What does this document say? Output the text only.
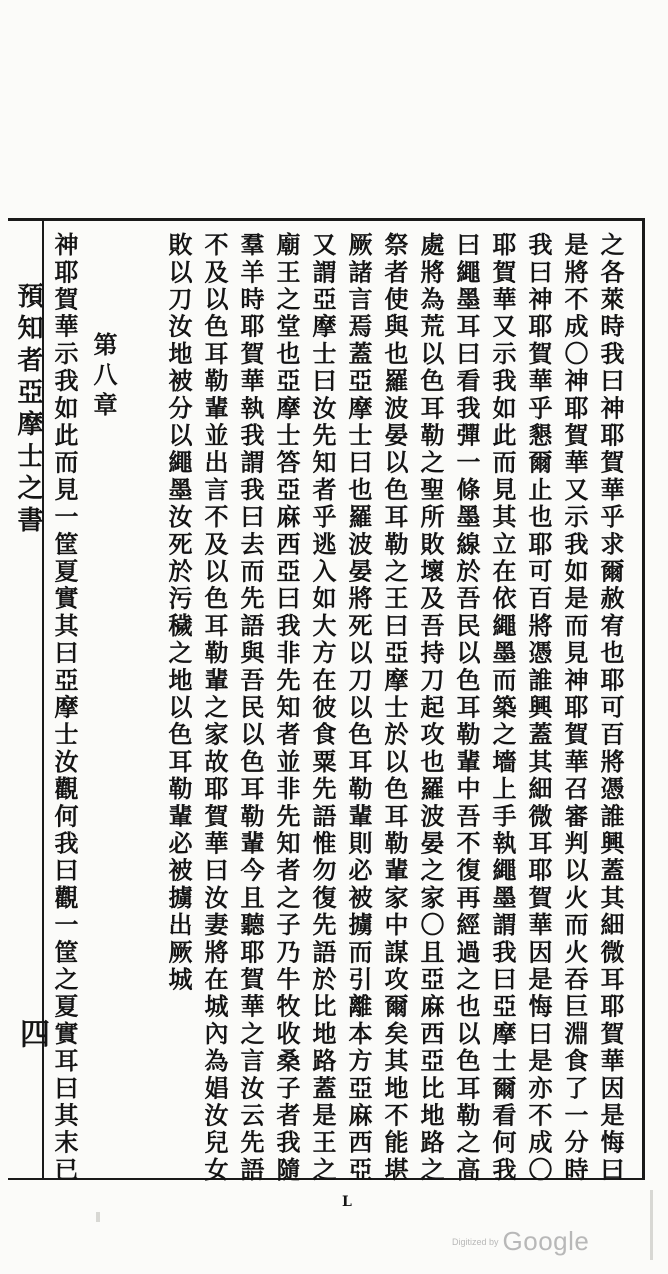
預知者亞摩士之書
四	之各萊時我曰神耶賀華乎求爾赦宥也耶可百將憑誰興蓋其細微耳耶賀華因是悔曰
是將不成〇神耶賀華又示我如是而見神耶賀華召審判以火而火吞巨淵食了一分時
我曰神耶賀華乎懇爾止也耶可百將憑誰興蓋其細微耳耶賀華因是悔曰是亦不成〇
耶賀華又示我如此而見其立在依繩墨而築之墻上手執繩墨謂我曰亞摩士爾看何我
曰繩墨耳曰看我彈一條墨線於吾民以色耳勒輩中吾不復再經過之也以色耳勒之高
處將為荒以色耳勒之聖所敗壞及吾持刀起攻也羅波晏之家〇且亞麻西亞比地路之
祭者使與也羅波晏以色耳勒之王曰亞摩士於以色耳勒輩家中謀攻爾矣其地不能堪
厥諸言焉蓋亞摩士曰也羅波晏將死以刀以色耳勒輩則必被擄而引離本方亞麻西亞
又謂亞摩士曰汝先知者乎逃入如大方在彼食粟先語惟勿復先語於比地路蓋是王之
廟王之堂也亞摩士答亞麻西亞曰我非先知者並非先知者之子乃牛牧收桑子者我隨
羣羊時耶賀華執我謂我曰去而先語與吾民以色耳勒輩今且聽耶賀華之言汝云先語
不及以色耳勒輩並出言不及以色耳勒輩之家故耶賀華曰汝妻將在城內為娼汝兒女
敗以刀汝地被分以繩墨汝死於污穢之地以色耳勒輩必被擄出厥城
第八章
神耶賀華示我如此而見一筐夏實其曰亞摩士汝觀何我曰觀一筐之夏實耳曰其末已
L
Digitized by Google
